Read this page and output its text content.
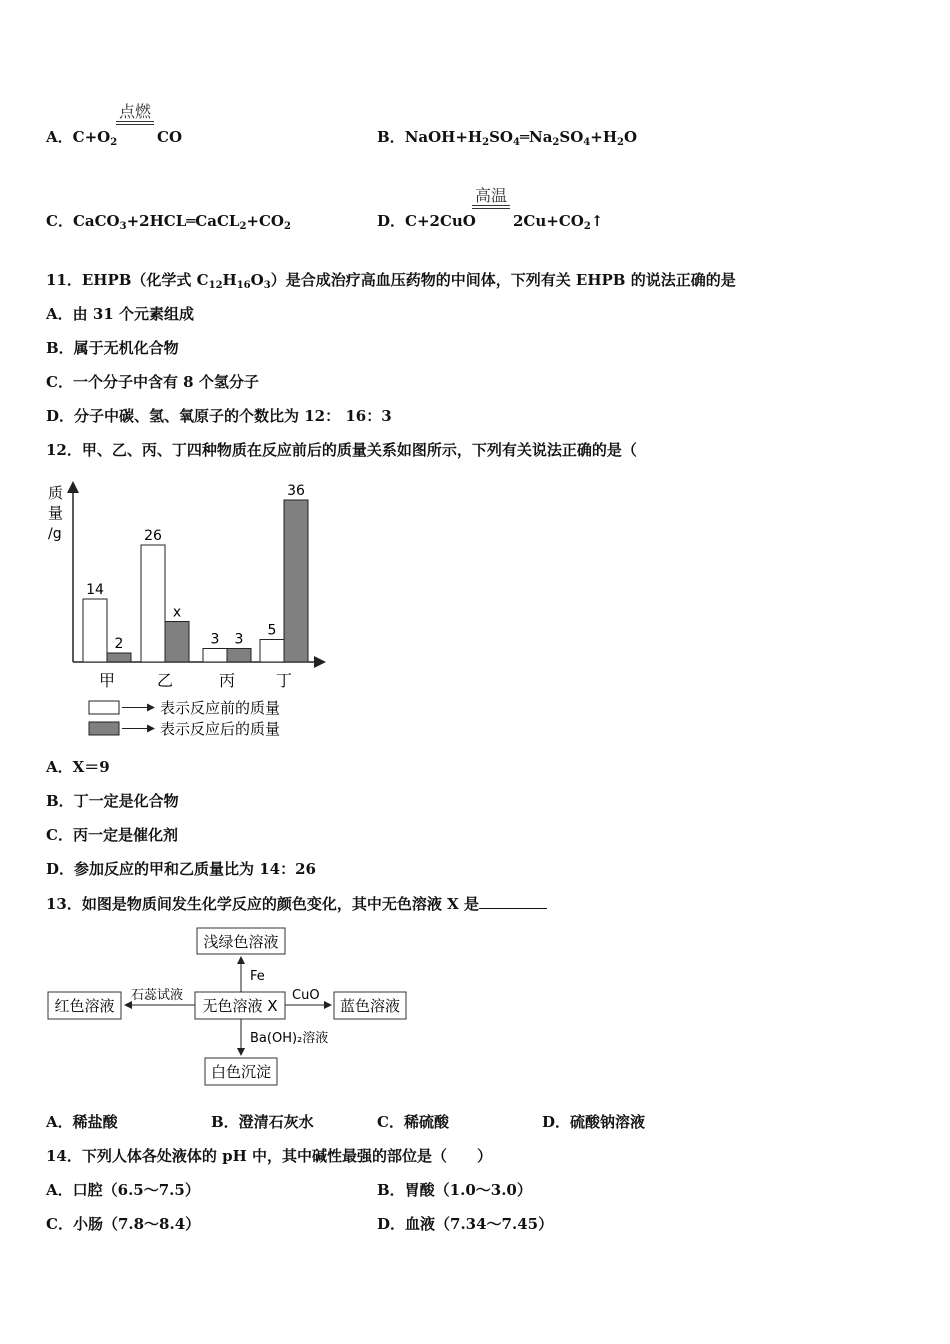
A．$C+O_2$
点燃
CO	B．$NaOH+H_2SO_4═Na_2SO_4+H_2O$
C．$CaCO_3+2HCL═CaCL_2+CO_2$	D．C+2CuO
高温
$2Cu+CO_2↑$
11．EHPB（化学式 $C_{12}H_{16}O_3$）是合成治疗高血压药物的中间体，下列有关 EHPB 的说法正确的是
A．由 31 个元素组成
B．属于无机化合物
C．一个分子中含有 8 个氢分子
D．分子中碳、氢、氧原子的个数比为 12： 16：3
12．甲、乙、丙、丁四种物质在反应前后的质量关系如图所示，下列有关说法正确的是（
质
量
/g
14
2
甲
26
x
乙
3 3
丙
5
36
丁
表示反应前的质量
表示反应后的质量
A．X＝9
B．丁一定是化合物
C．丙一定是催化剂
D．参加反应的甲和乙质量比为 14：26
13．如图是物质间发生化学反应的颜色变化，其中无色溶液 X 是
浅绿色溶液
无色溶液 X
红色溶液	蓝色溶液
白色沉淀
Fe
石蕊试液	CuO
Ba(OH)₂溶液
A．稀盐酸	B．澄清石灰水	C．稀硫酸	D．硫酸钠溶液
14．下列人体各处液体的 pH 中，其中碱性最强的部位是（　　）
A．口腔（6.5～7.5）	B．胃酸（1.0～3.0）
C．小肠（7.8～8.4）	D．血液（7.34～7.45）
